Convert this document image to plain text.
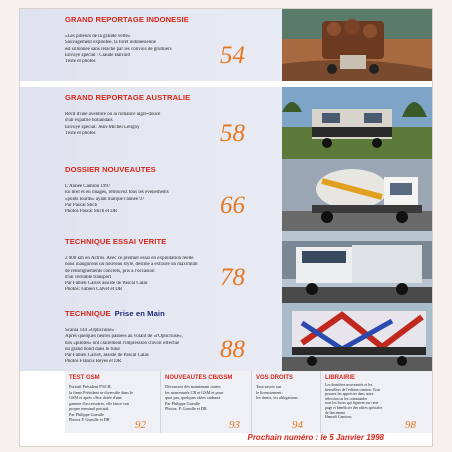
GRAND REPORTAGE INDONESIE
«Les pilleurs de la grande verte»
Sauvagement exploitée, la forêt indonésienne
est sillonnée sans relâche par les convois de grumiers
Envoyé spécial : Claude Barrard
Texte et photos	54
GRAND REPORTAGE AUSTRALIE
Récit d'une aventure ou la romance aigre-douce
d'un expatrié hollandais
Envoyé spécial: Jean-Michel Leligny
Texte et photos	58
DOSSIER NOUVEAUTES
L'Année Camion 1997
En bref et en images, retrouvez tous les événements
«poids lourds» ayant marqué l'année 97
Par Pascal Stich
Photos Pascal Stich et DR	66
TECHNIQUE ESSAI VERITE
2 000 km en Actros. Avec ce premier essai en exploitation réelle
nous inaugurons un nouveau style, destiné à extraire un maximum
de renseignements concrets, pris à l'occasion
d'un véritable transport
Par Fabien Calvet assisté de Pascal Calas
Photos: Fabien Calvet et DR	78
TECHNIQUE Prise en Main
Scania 144 «Opticruise»
Après quelques heures passées au volant de «l'Opticruise»,
nos «pilotes» ont clairement l'impression d'avoir effectué
un grand bond dans le futur
Par Fabien Calvet, assisté de Pascal Calas
Photos Francis Reyes et DR	88
TEST GSM
Portatif Président P'SCH,
la firme Président se diversifie dans le
GSM et après s'être dotée d'une
gamme d'accessoires, elle lance son
propre terminal portatif.
Par Philippe Gueulle
Photos P. Gueulle et DR	92
NOUVEAUTES CB/GSM
Découvrez dès maintenant toutes
les nouveautés CB et GSM et pour
quoi pas, quelques idées cadeaux
Par Philippe Gueulle
Photos: P. Gueulle et DR
93
VOS DROITS
Tout savoir sur
le licenciement:
les droits, les obligations
94
LIBRAIRIE
Les dernières nouveautés et les
bestsellers de l'édition camion. Vous
pourrez les apprécier dans notre
sélection ou les commander
tous les livres qui figurent sur cette
page et bénéficier des offres spéciales
de lancement
Hamadi Camions
98
Prochain numéro : le 5 Janvier 1998
